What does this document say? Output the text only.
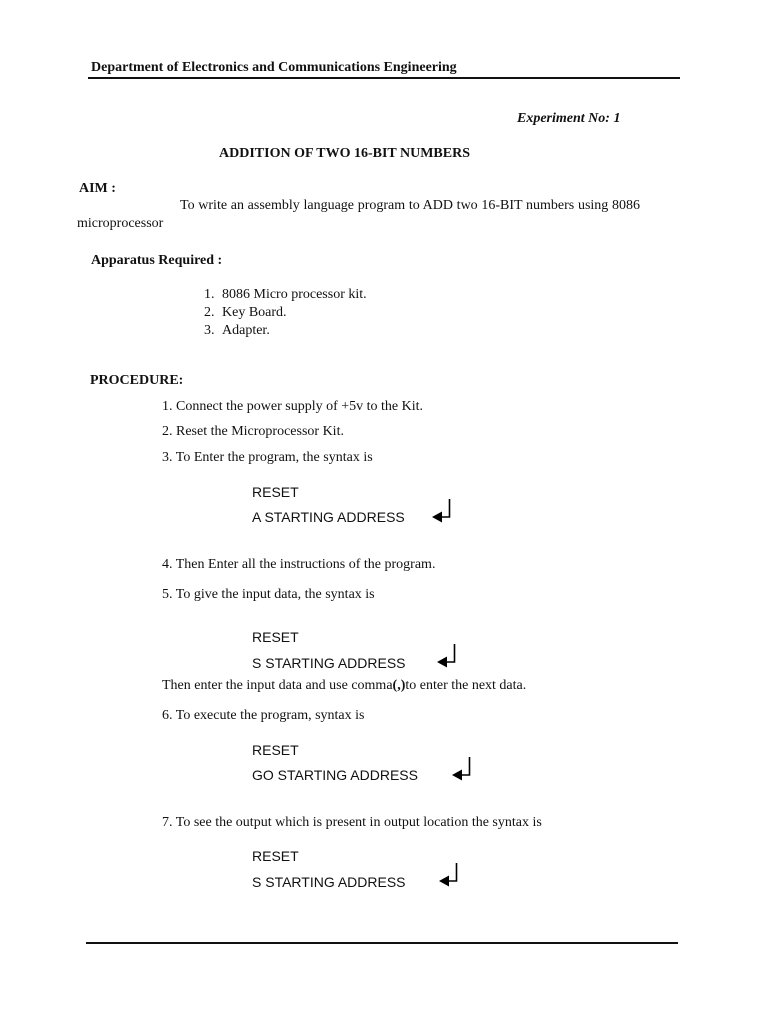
Department of Electronics and Communications Engineering
Experiment No: 1
ADDITION OF TWO 16-BIT NUMBERS
AIM :
To write an assembly language program to ADD two 16-BIT numbers using 8086 microprocessor
Apparatus Required :
1. 8086 Micro processor kit.
2. Key Board.
3. Adapter.
PROCEDURE:
1. Connect the power supply of +5v to the Kit.
2. Reset the Microprocessor Kit.
3. To Enter the program, the syntax is
RESET
A STARTING ADDRESS
4. Then Enter all the instructions of the program.
5. To give the input data, the syntax is
RESET
S STARTING ADDRESS
Then enter the input data and use comma(,)to enter the next data.
6. To execute the program, syntax is
RESET
GO STARTING ADDRESS
7. To see the output which is present in output location the syntax is
RESET
S STARTING ADDRESS
